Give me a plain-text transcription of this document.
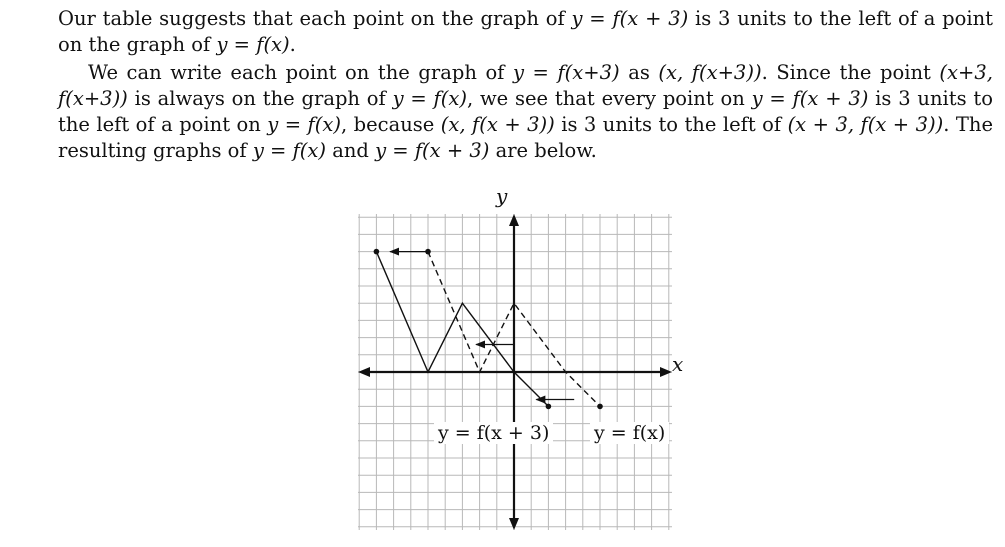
Our table suggests that each point on the graph of y = f(x + 3) is 3 units to the left of a point on the graph of y = f(x).

We can write each point on the graph of y = f(x+3) as (x, f(x+3)). Since the point (x+3, f(x+3)) is always on the graph of y = f(x), we see that every point on y = f(x + 3) is 3 units to the left of a point on y = f(x), because (x, f(x + 3)) is 3 units to the left of (x + 3, f(x + 3)). The resulting graphs of y = f(x) and y = f(x + 3) are below.

y
x
y = f(x + 3) y = f(x)
